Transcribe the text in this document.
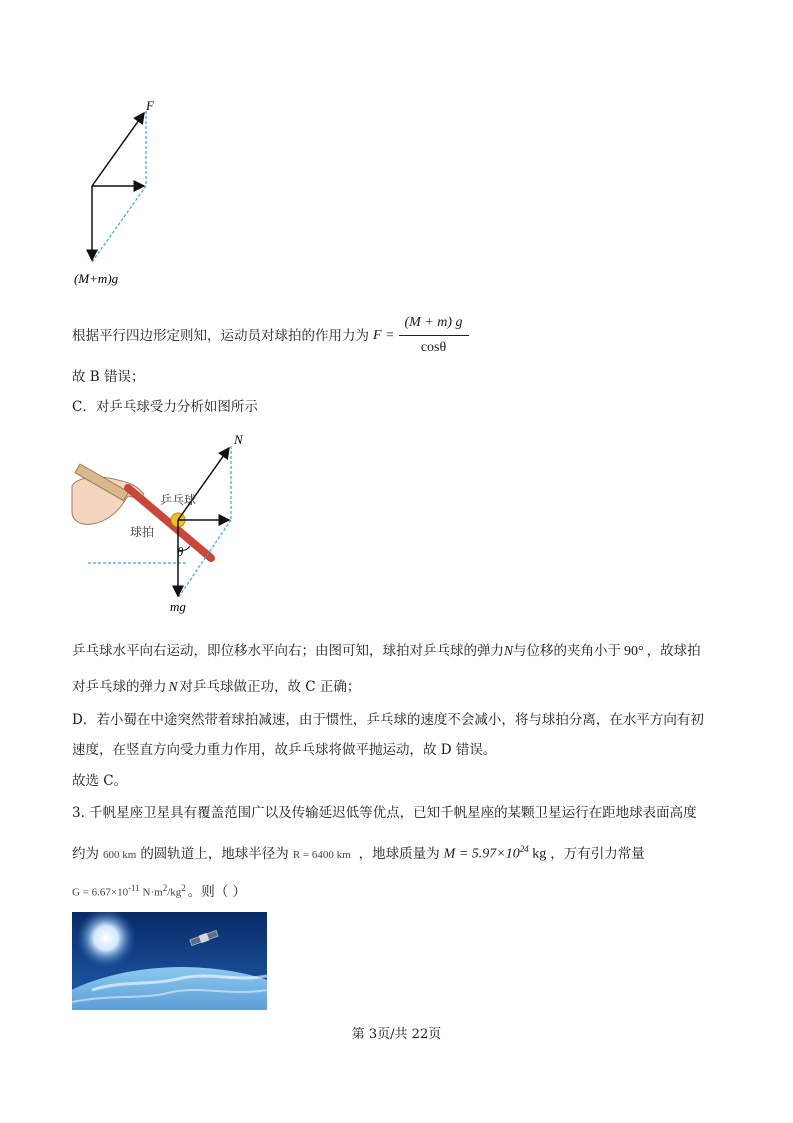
F
(M+m)g
根据平行四边形定则知，运动员对球拍的作用力为 $F = \frac{(M + m) g}{\cos\theta}$
故 B 错误；
C．对乒乓球受力分析如图所示
N
乒乓球
球拍
θ
mg
乒乓球水平向右运动，即位移水平向右；由图可知，球拍对乒乓球的弹力N与位移的夹角小于 90° ，故球拍
对乒乓球的弹力 N 对乒乓球做正功，故 C 正确；
D．若小蜀在中途突然带着球拍减速，由于惯性，乒乓球的速度不会减小，将与球拍分离，在水平方向有初
速度，在竖直方向受力重力作用，故乒乓球将做平抛运动，故 D 错误。
故选 C。
3. 千帆星座卫星具有覆盖范围广以及传输延迟低等优点，已知千帆星座的某颗卫星运行在距地球表面高度
约为 600 km 的圆轨道上，地球半径为 R = 6400 km ，地球质量为 $M = 5.97\times 10^{24}$ kg ，万有引力常量
$G = 6.67\times 10^{-11}$ $N\cdot m^2/kg^2$ 。则（ ）
第 3页/共 22页
